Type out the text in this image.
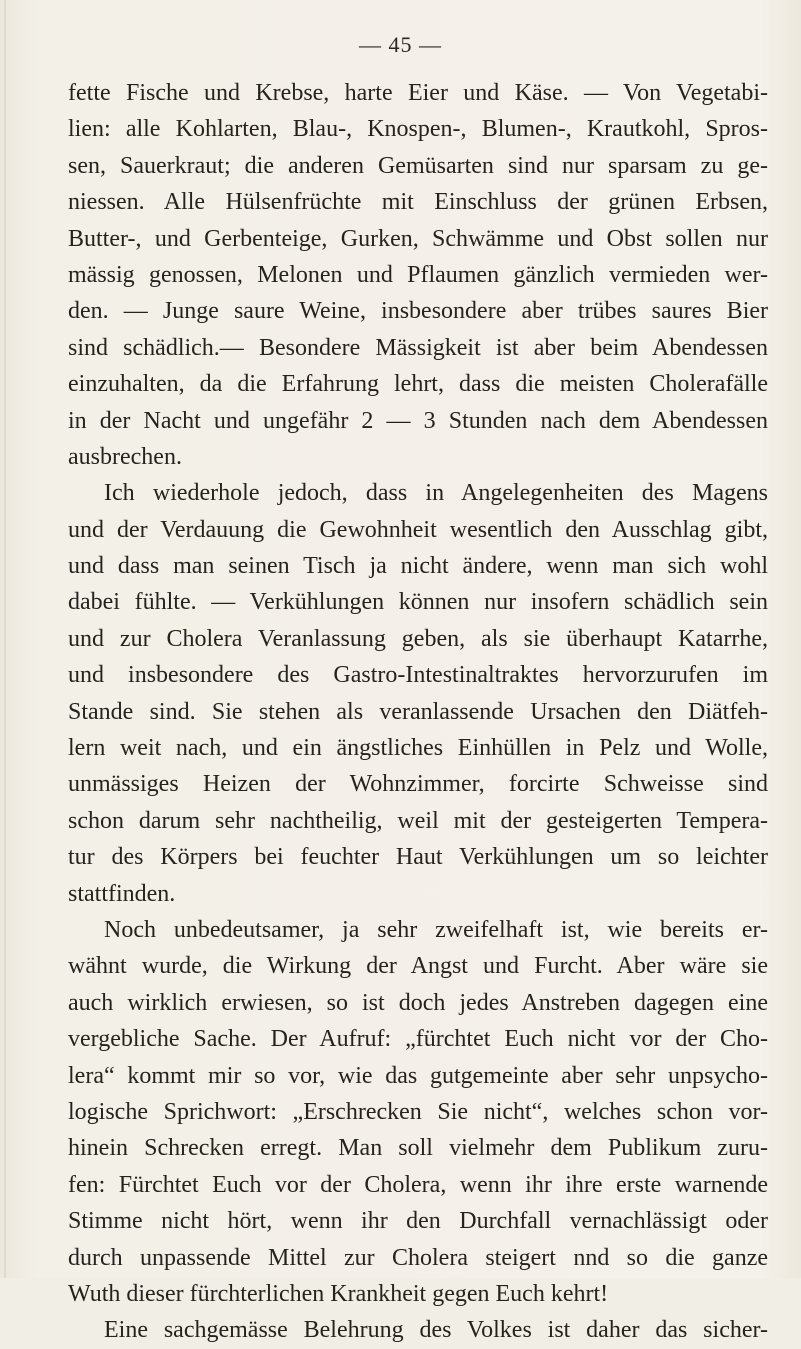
— 45 —
fette Fische und Krebse, harte Eier und Käse. — Von Vegetabi-
lien: alle Kohlarten, Blau-, Knospen-, Blumen-, Krautkohl, Spros-
sen, Sauerkraut; die anderen Gemüsarten sind nur sparsam zu ge-
niessen. Alle Hülsenfrüchte mit Einschluss der grünen Erbsen,
Butter-, und Gerbenteige, Gurken, Schwämme und Obst sollen nur
mässig genossen, Melonen und Pflaumen gänzlich vermieden wer-
den. — Junge saure Weine, insbesondere aber trübes saures Bier
sind schädlich.— Besondere Mässigkeit ist aber beim Abendessen
einzuhalten, da die Erfahrung lehrt, dass die meisten Cholerafälle
in der Nacht und ungefähr 2 — 3 Stunden nach dem Abendessen
ausbrechen.
Ich wiederhole jedoch, dass in Angelegenheiten des Magens
und der Verdauung die Gewohnheit wesentlich den Ausschlag gibt,
und dass man seinen Tisch ja nicht ändere, wenn man sich wohl
dabei fühlte. — Verkühlungen können nur insofern schädlich sein
und zur Cholera Veranlassung geben, als sie überhaupt Katarrhe,
und insbesondere des Gastro-Intestinaltraktes hervorzurufen im
Stande sind. Sie stehen als veranlassende Ursachen den Diätfeh-
lern weit nach, und ein ängstliches Einhüllen in Pelz und Wolle,
unmässiges Heizen der Wohnzimmer, forcirte Schweisse sind
schon darum sehr nachtheilig, weil mit der gesteigerten Tempera-
tur des Körpers bei feuchter Haut Verkühlungen um so leichter
stattfinden.
Noch unbedeutsamer, ja sehr zweifelhaft ist, wie bereits er-
wähnt wurde, die Wirkung der Angst und Furcht. Aber wäre sie
auch wirklich erwiesen, so ist doch jedes Anstreben dagegen eine
vergebliche Sache. Der Aufruf: „fürchtet Euch nicht vor der Cho-
lera“ kommt mir so vor, wie das gutgemeinte aber sehr unpsycho-
logische Sprichwort: „Erschrecken Sie nicht“, welches schon vor-
hinein Schrecken erregt. Man soll vielmehr dem Publikum zuru-
fen: Fürchtet Euch vor der Cholera, wenn ihr ihre erste warnende
Stimme nicht hört, wenn ihr den Durchfall vernachlässigt oder
durch unpassende Mittel zur Cholera steigert nnd so die ganze
Wuth dieser fürchterlichen Krankheit gegen Euch kehrt!
Eine sachgemässe Belehrung des Volkes ist daher das sicher-
